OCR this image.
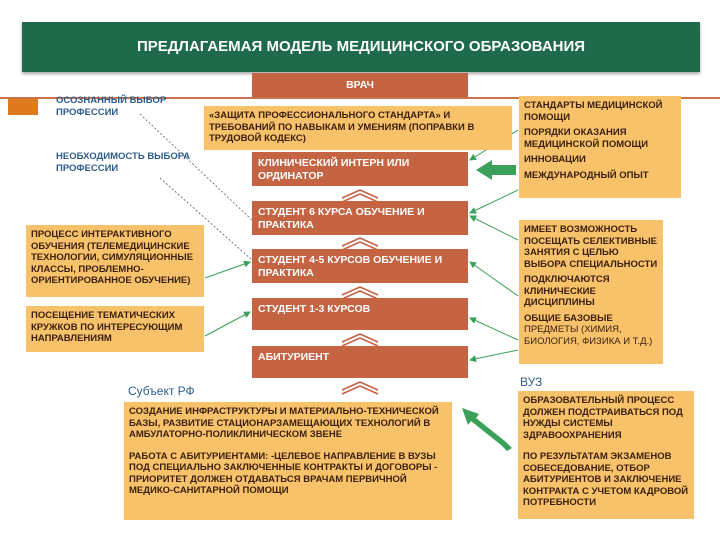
ПРЕДЛАГАЕМАЯ МОДЕЛЬ МЕДИЦИНСКОГО ОБРАЗОВАНИЯ
ВРАЧ
«ЗАЩИТА ПРОФЕССИОНАЛЬНОГО СТАНДАРТА» И ТРЕБОВАНИЙ ПО НАВЫКАМ И УМЕНИЯМ (ПОПРАВКИ В ТРУДОВОЙ КОДЕКС)
КЛИНИЧЕСКИЙ ИНТЕРН ИЛИ ОРДИНАТОР
СТУДЕНТ 6 КУРСА ОБУЧЕНИЕ И ПРАКТИКА
СТУДЕНТ 4-5 КУРСОВ ОБУЧЕНИЕ И ПРАКТИКА
СТУДЕНТ 1-3 КУРСОВ
АБИТУРИЕНТ
ОСОЗНАННЫЙ ВЫБОР ПРОФЕССИИ
НЕОБХОДИМОСТЬ ВЫБОРА ПРОФЕССИИ
ПРОЦЕСС ИНТЕРАКТИВНОГО ОБУЧЕНИЯ (ТЕЛЕМЕДИЦИНСКИЕ ТЕХНОЛОГИИ, СИМУЛЯЦИОННЫЕ КЛАССЫ, ПРОБЛЕМНО-ОРИЕНТИРОВАННОЕ ОБУЧЕНИЕ)
ПОСЕЩЕНИЕ ТЕМАТИЧЕСКИХ КРУЖКОВ ПО ИНТЕРЕСУЮЩИМ НАПРАВЛЕНИЯМ
СТАНДАРТЫ МЕДИЦИНСКОЙ ПОМОЩИ
ПОРЯДКИ ОКАЗАНИЯ МЕДИЦИНСКОЙ ПОМОЩИ
ИННОВАЦИИ
МЕЖДУНАРОДНЫЙ ОПЫТ
ИМЕЕТ ВОЗМОЖНОСТЬ ПОСЕЩАТЬ СЕЛЕКТИВНЫЕ ЗАНЯТИЯ С ЦЕЛЬЮ ВЫБОРА СПЕЦИАЛЬНОСТИ
ПОДКЛЮЧАЮТСЯ КЛИНИЧЕСКИЕ ДИСЦИПЛИНЫ
ОБЩИЕ БАЗОВЫЕ
ПРЕДМЕТЫ (ХИМИЯ, БИОЛОГИЯ, ФИЗИКА И Т.Д.)
Субъект РФ
СОЗДАНИЕ ИНФРАСТРУКТУРЫ И МАТЕРИАЛЬНО-ТЕХНИЧЕСКОЙ БАЗЫ, РАЗВИТИЕ СТАЦИОНАРЗАМЕЩАЮЩИХ ТЕХНОЛОГИЙ В АМБУЛАТОРНО-ПОЛИКЛИНИЧЕСКОМ ЗВЕНЕ
РАБОТА С АБИТУРИЕНТАМИ: -ЦЕЛЕВОЕ НАПРАВЛЕНИЕ В ВУЗЫ ПОД СПЕЦИАЛЬНО ЗАКЛЮЧЕННЫЕ КОНТРАКТЫ И ДОГОВОРЫ - ПРИОРИТЕТ ДОЛЖЕН ОТДАВАТЬСЯ ВРАЧАМ ПЕРВИЧНОЙ МЕДИКО-САНИТАРНОЙ ПОМОЩИ
ВУЗ
ОБРАЗОВАТЕЛЬНЫЙ ПРОЦЕСС ДОЛЖЕН ПОДСТРАИВАТЬСЯ ПОД НУЖДЫ СИСТЕМЫ ЗДРАВООХРАНЕНИЯ
ПО РЕЗУЛЬТАТАМ ЭКЗАМЕНОВ СОБЕСЕДОВАНИЕ, ОТБОР АБИТУРИЕНТОВ И ЗАКЛЮЧЕНИЕ КОНТРАКТА С УЧЕТОМ КАДРОВОЙ ПОТРЕБНОСТИ
